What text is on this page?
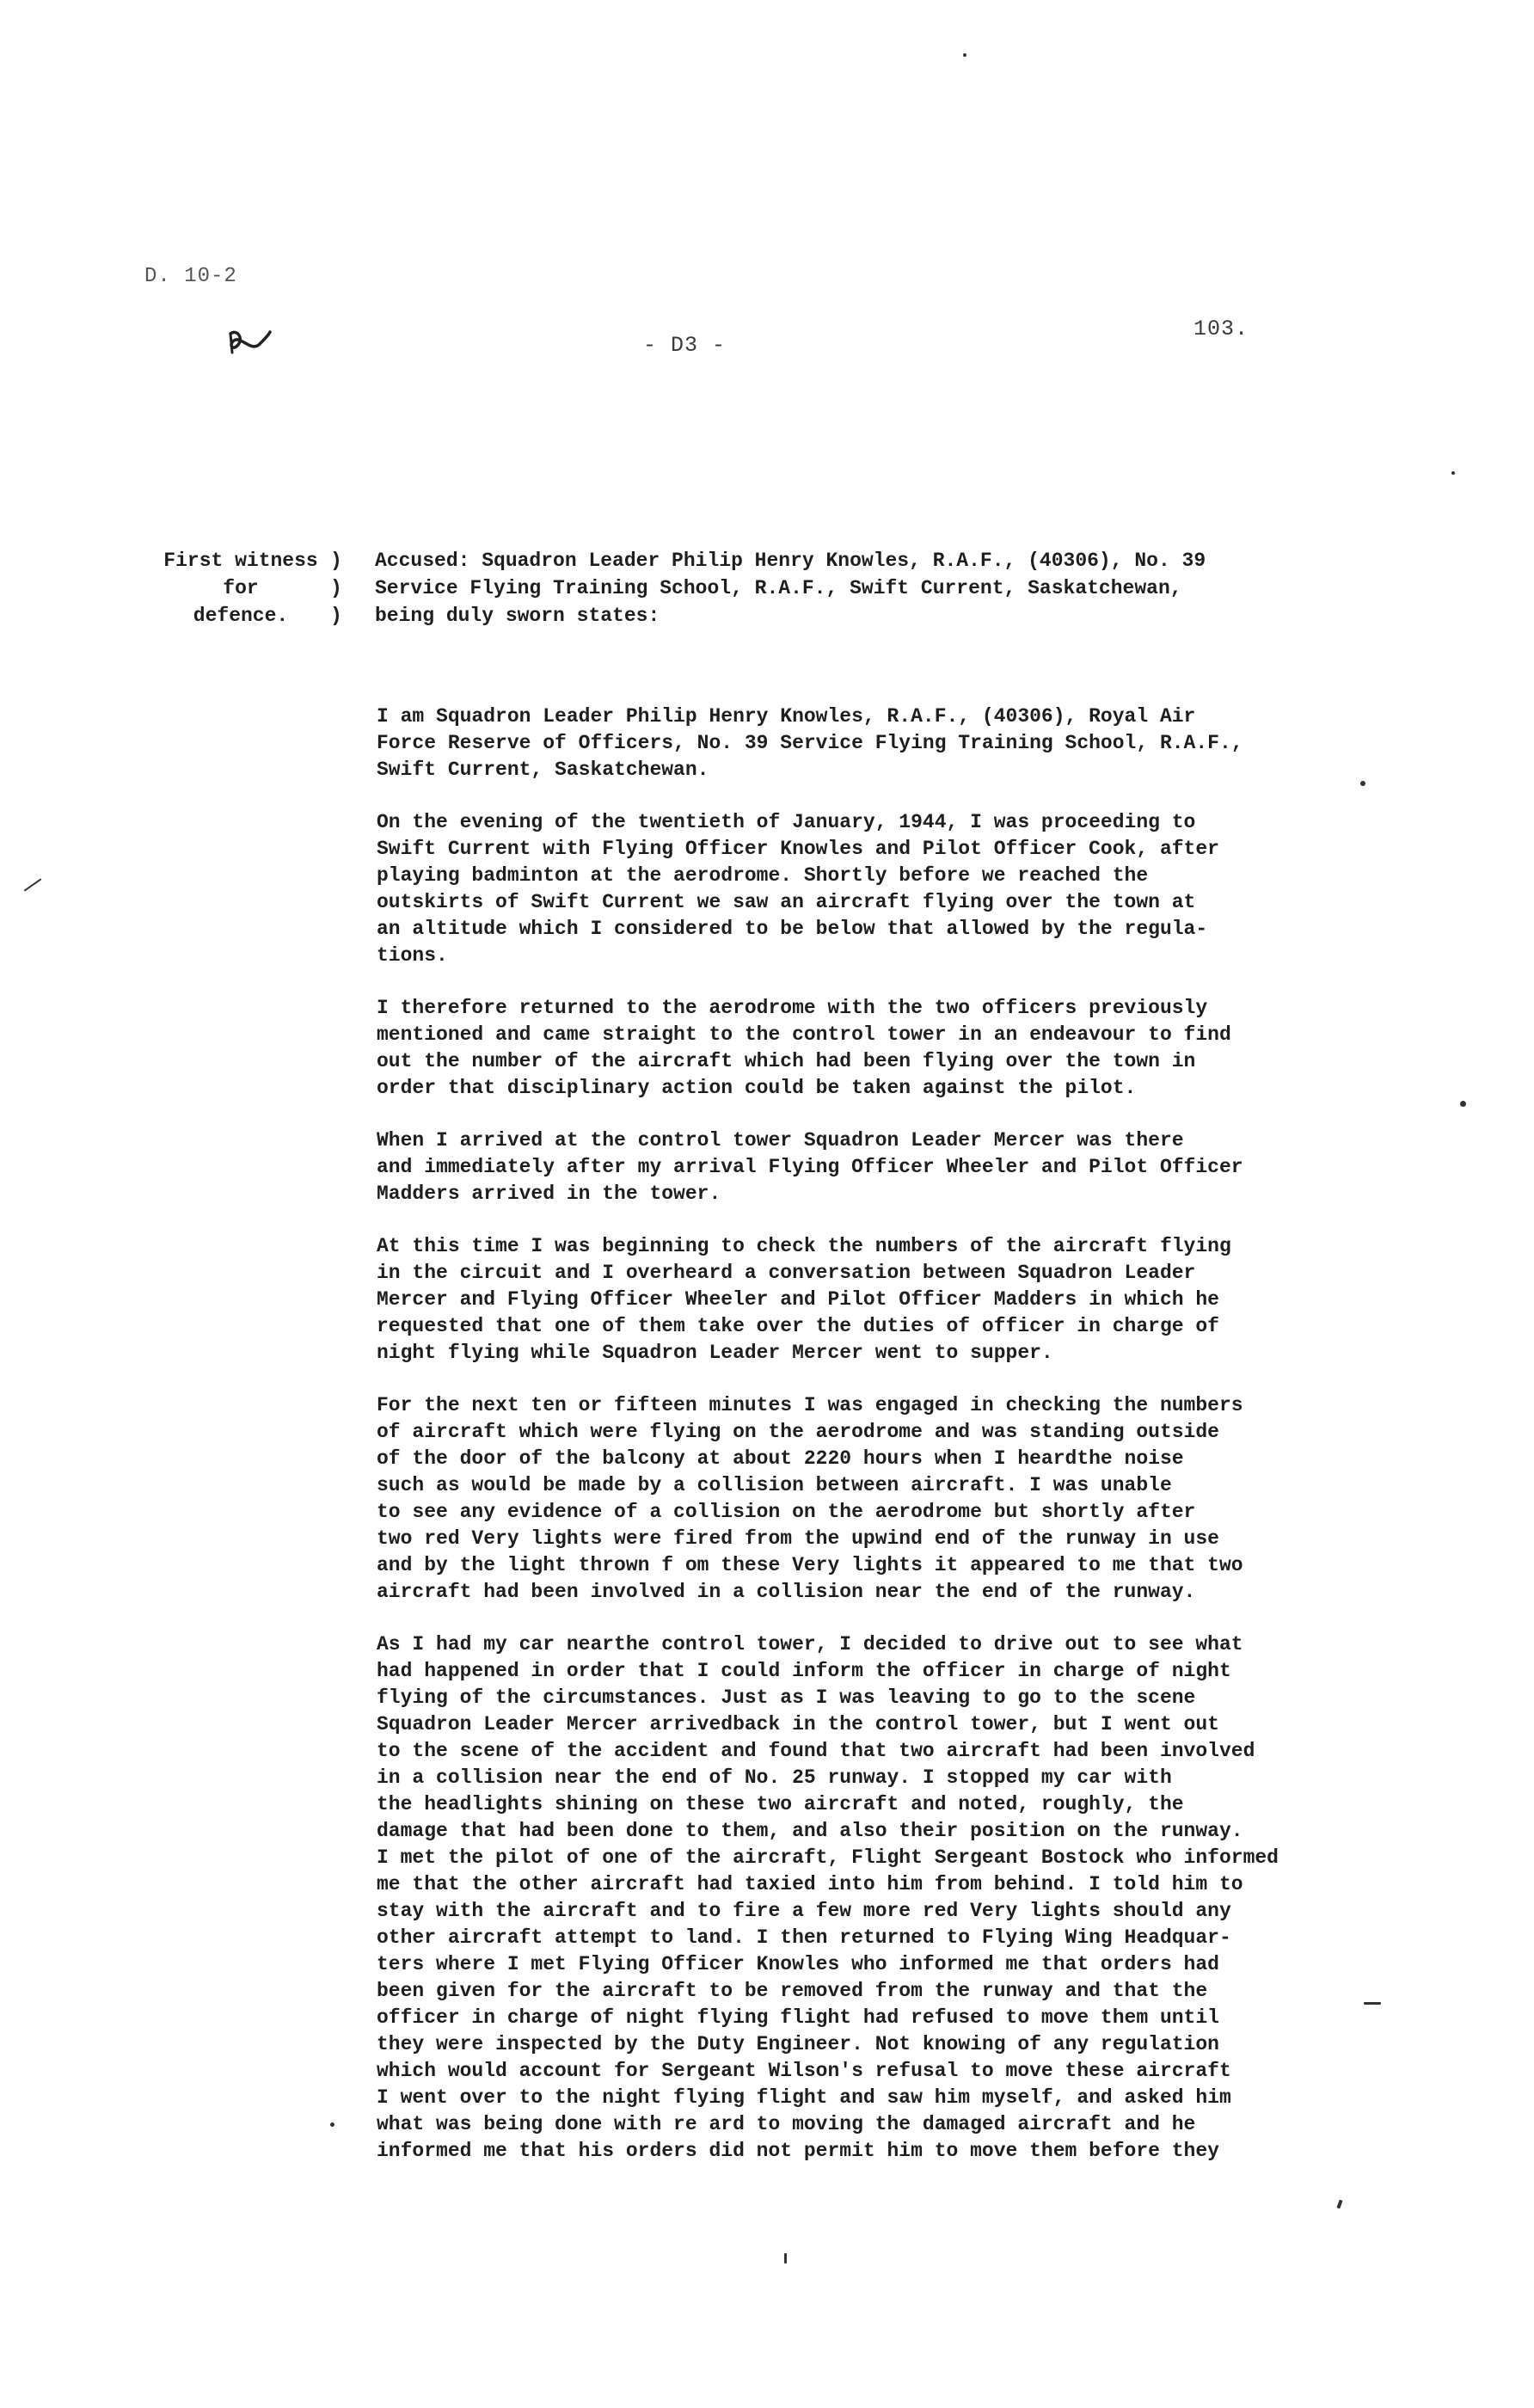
D. 10-2
- D3 -
103.
First witness
for
defence.
)
)
)
Accused: Squadron Leader Philip Henry Knowles, R.A.F., (40306), No. 39
Service Flying Training School, R.A.F., Swift Current, Saskatchewan,
being duly sworn states:

I am Squadron Leader Philip Henry Knowles, R.A.F., (40306), Royal Air
Force Reserve of Officers, No. 39 Service Flying Training School, R.A.F.,
Swift Current, Saskatchewan.

On the evening of the twentieth of January, 1944, I was proceeding to
Swift Current with Flying Officer Knowles and Pilot Officer Cook, after
playing badminton at the aerodrome. Shortly before we reached the
outskirts of Swift Current we saw an aircraft flying over the town at
an altitude which I considered to be below that allowed by the regula-
tions.

I therefore returned to the aerodrome with the two officers previously
mentioned and came straight to the control tower in an endeavour to find
out the number of the aircraft which had been flying over the town in
order that disciplinary action could be taken against the pilot.

When I arrived at the control tower Squadron Leader Mercer was there
and immediately after my arrival Flying Officer Wheeler and Pilot Officer
Madders arrived in the tower.

At this time I was beginning to check the numbers of the aircraft flying
in the circuit and I overheard a conversation between Squadron Leader
Mercer and Flying Officer Wheeler and Pilot Officer Madders in which he
requested that one of them take over the duties of officer in charge of
night flying while Squadron Leader Mercer went to supper.

For the next ten or fifteen minutes I was engaged in checking the numbers
of aircraft which were flying on the aerodrome and was standing outside
of the door of the balcony at about 2220 hours when I heardthe noise
such as would be made by a collision between aircraft. I was unable
to see any evidence of a collision on the aerodrome but shortly after
two red Very lights were fired from the upwind end of the runway in use
and by the light thrown f om these Very lights it appeared to me that two
aircraft had been involved in a collision near the end of the runway.

As I had my car nearthe control tower, I decided to drive out to see what
had happened in order that I could inform the officer in charge of night
flying of the circumstances. Just as I was leaving to go to the scene
Squadron Leader Mercer arrivedback in the control tower, but I went out
to the scene of the accident and found that two aircraft had been involved
in a collision near the end of No. 25 runway. I stopped my car with
the headlights shining on these two aircraft and noted, roughly, the
damage that had been done to them, and also their position on the runway.
I met the pilot of one of the aircraft, Flight Sergeant Bostock who informed
me that the other aircraft had taxied into him from behind. I told him to
stay with the aircraft and to fire a few more red Very lights should any
other aircraft attempt to land. I then returned to Flying Wing Headquar-
ters where I met Flying Officer Knowles who informed me that orders had
been given for the aircraft to be removed from the runway and that the
officer in charge of night flying flight had refused to move them until
they were inspected by the Duty Engineer. Not knowing of any regulation
which would account for Sergeant Wilson's refusal to move these aircraft
I went over to the night flying flight and saw him myself, and asked him
what was being done with re ard to moving the damaged aircraft and he
informed me that his orders did not permit him to move them before they
